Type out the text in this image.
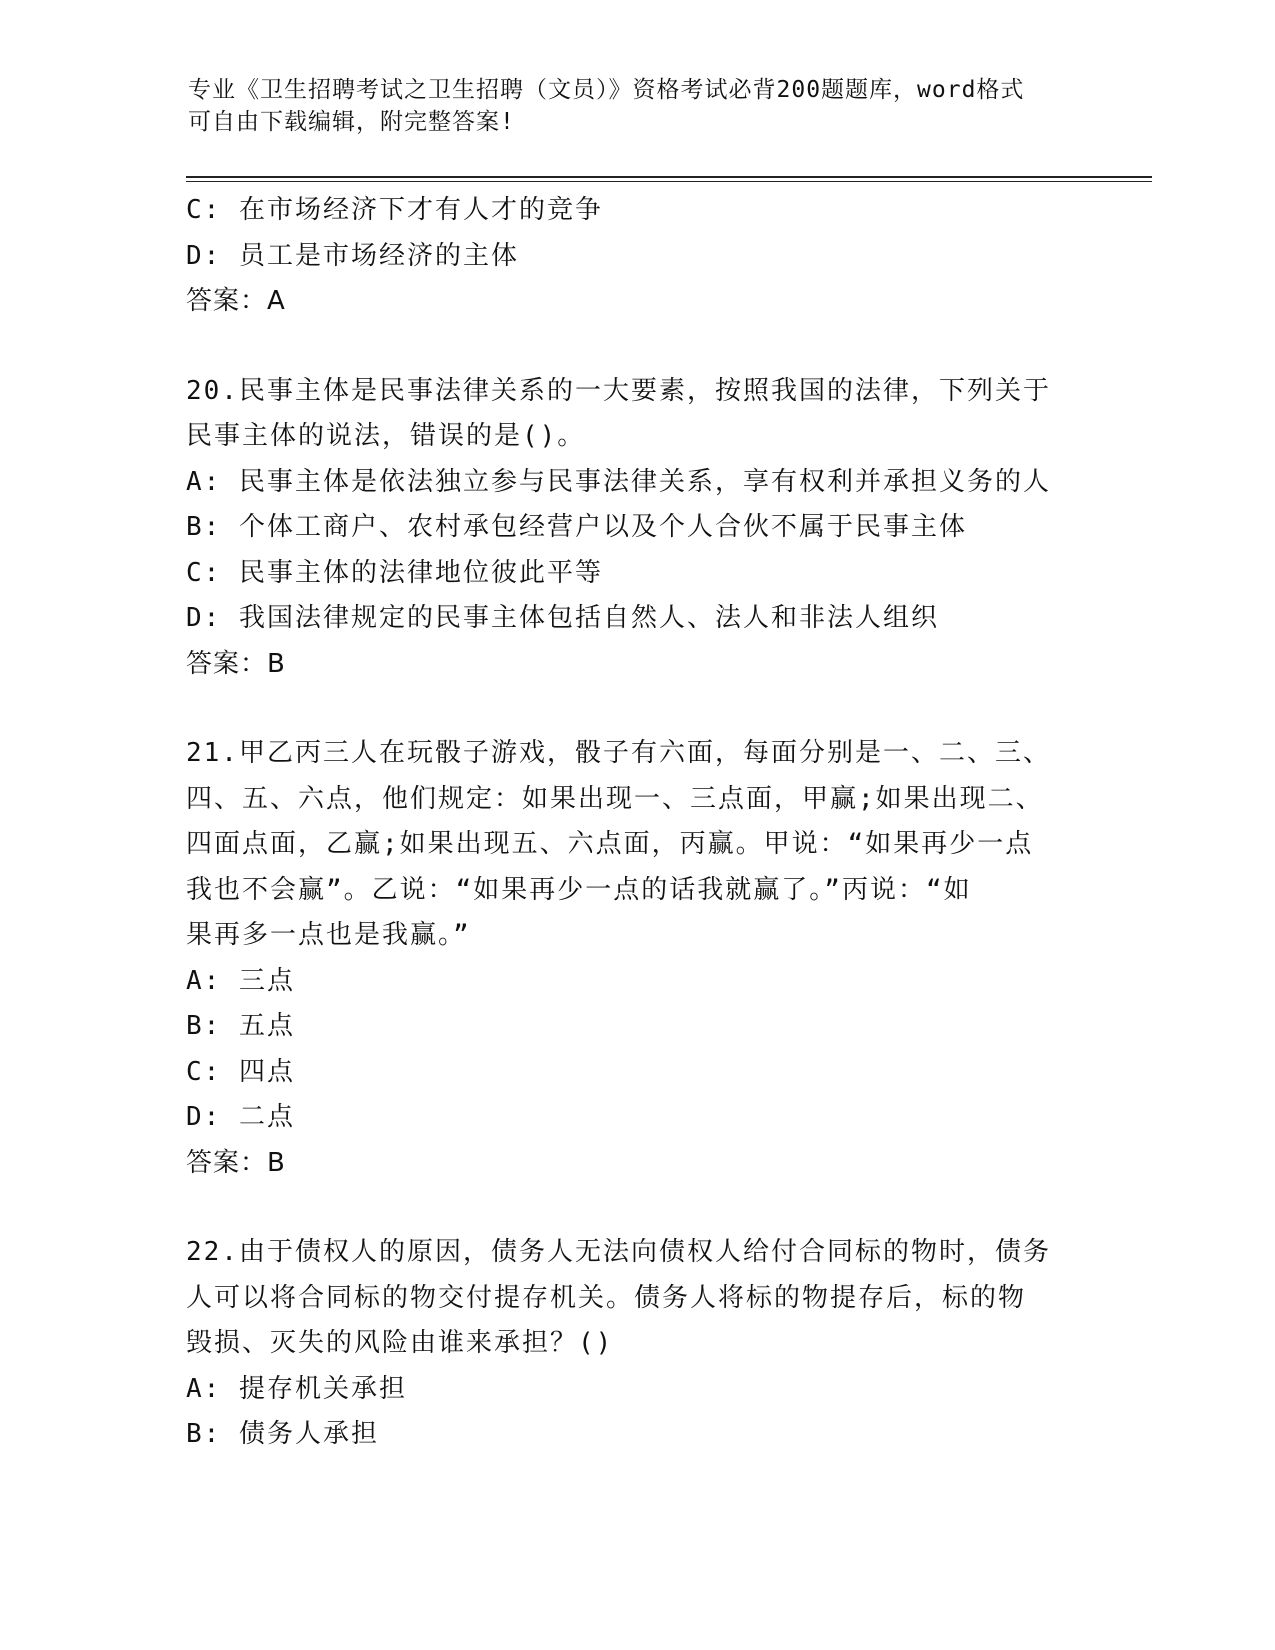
专业《卫生招聘考试之卫生招聘（文员）》资格考试必背200题题库，word格式
可自由下载编辑，附完整答案!
C: 在市场经济下才有人才的竞争
D: 员工是市场经济的主体
答案：A
20.民事主体是民事法律关系的一大要素，按照我国的法律，下列关于
民事主体的说法，错误的是()。
A: 民事主体是依法独立参与民事法律关系，享有权利并承担义务的人
B: 个体工商户、农村承包经营户以及个人合伙不属于民事主体
C: 民事主体的法律地位彼此平等
D: 我国法律规定的民事主体包括自然人、法人和非法人组织
答案：B
21.甲乙丙三人在玩骰子游戏，骰子有六面，每面分别是一、二、三、
四、五、六点，他们规定：如果出现一、三点面，甲赢;如果出现二、
四面点面，乙赢;如果出现五、六点面，丙赢。甲说：“如果再少一点
我也不会赢”。乙说：“如果再少一点的话我就赢了。”丙说：“如
果再多一点也是我赢。”
A: 三点
B: 五点
C: 四点
D: 二点
答案：B
22.由于债权人的原因，债务人无法向债权人给付合同标的物时，债务
人可以将合同标的物交付提存机关。债务人将标的物提存后，标的物
毁损、灭失的风险由谁来承担？()
A: 提存机关承担
B: 债务人承担
